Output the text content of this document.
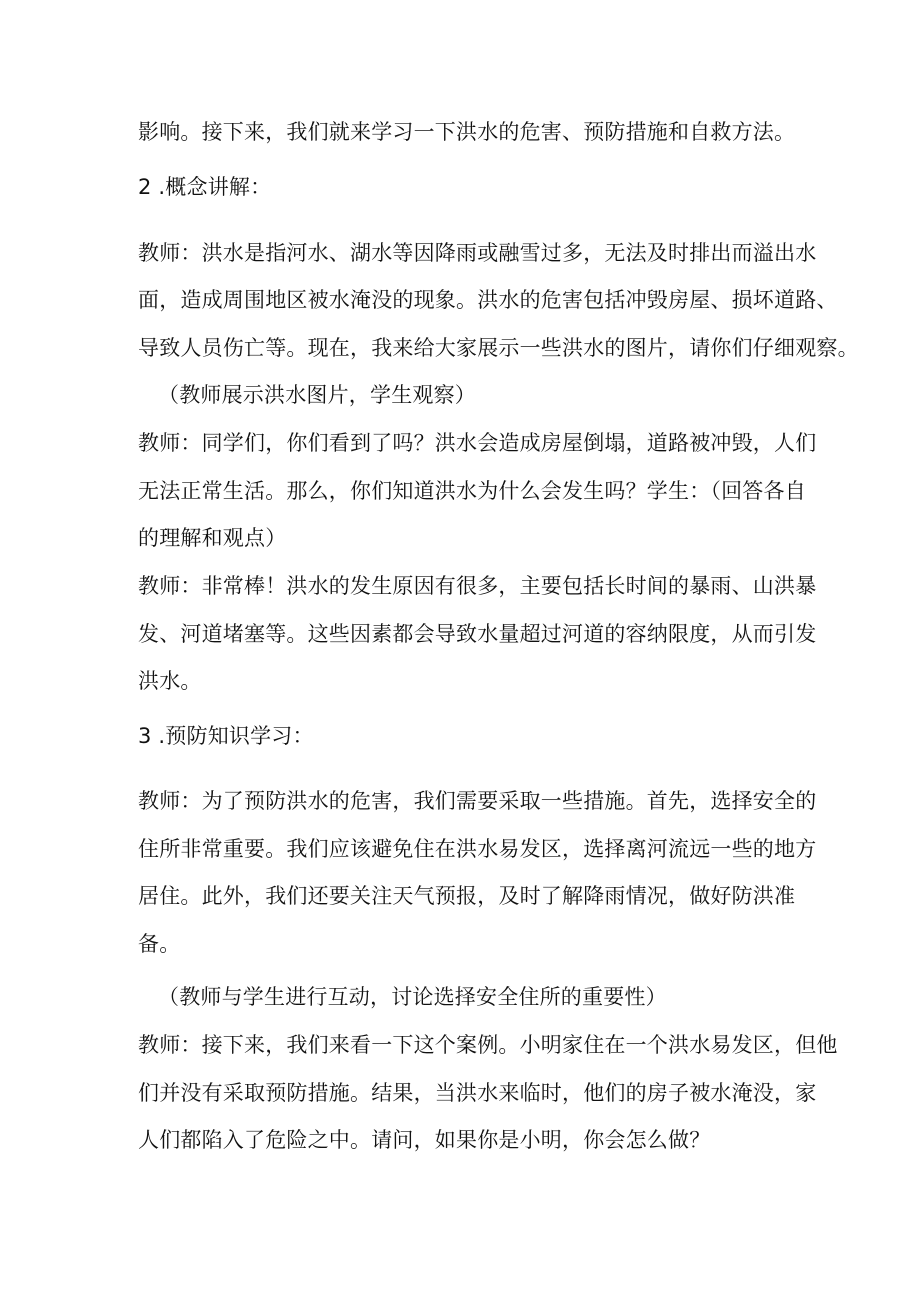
影响。接下来，我们就来学习一下洪水的危害、预防措施和自救方法。
2 .概念讲解：
教师：洪水是指河水、湖水等因降雨或融雪过多，无法及时排出而溢出水
面，造成周围地区被水淹没的现象。洪水的危害包括冲毁房屋、损坏道路、
导致人员伤亡等。现在，我来给大家展示一些洪水的图片，请你们仔细观察。
（教师展示洪水图片，学生观察）
教师：同学们，你们看到了吗？洪水会造成房屋倒塌，道路被冲毁，人们
无法正常生活。那么，你们知道洪水为什么会发生吗？学生：（回答各自
的理解和观点）
教师：非常棒！洪水的发生原因有很多，主要包括长时间的暴雨、山洪暴
发、河道堵塞等。这些因素都会导致水量超过河道的容纳限度，从而引发
洪水。
3 .预防知识学习：
教师：为了预防洪水的危害，我们需要采取一些措施。首先，选择安全的
住所非常重要。我们应该避免住在洪水易发区，选择离河流远一些的地方
居住。此外，我们还要关注天气预报，及时了解降雨情况，做好防洪准
备。
（教师与学生进行互动，讨论选择安全住所的重要性）
教师：接下来，我们来看一下这个案例。小明家住在一个洪水易发区，但他
们并没有采取预防措施。结果，当洪水来临时，他们的房子被水淹没，家
人们都陷入了危险之中。请问，如果你是小明，你会怎么做？
